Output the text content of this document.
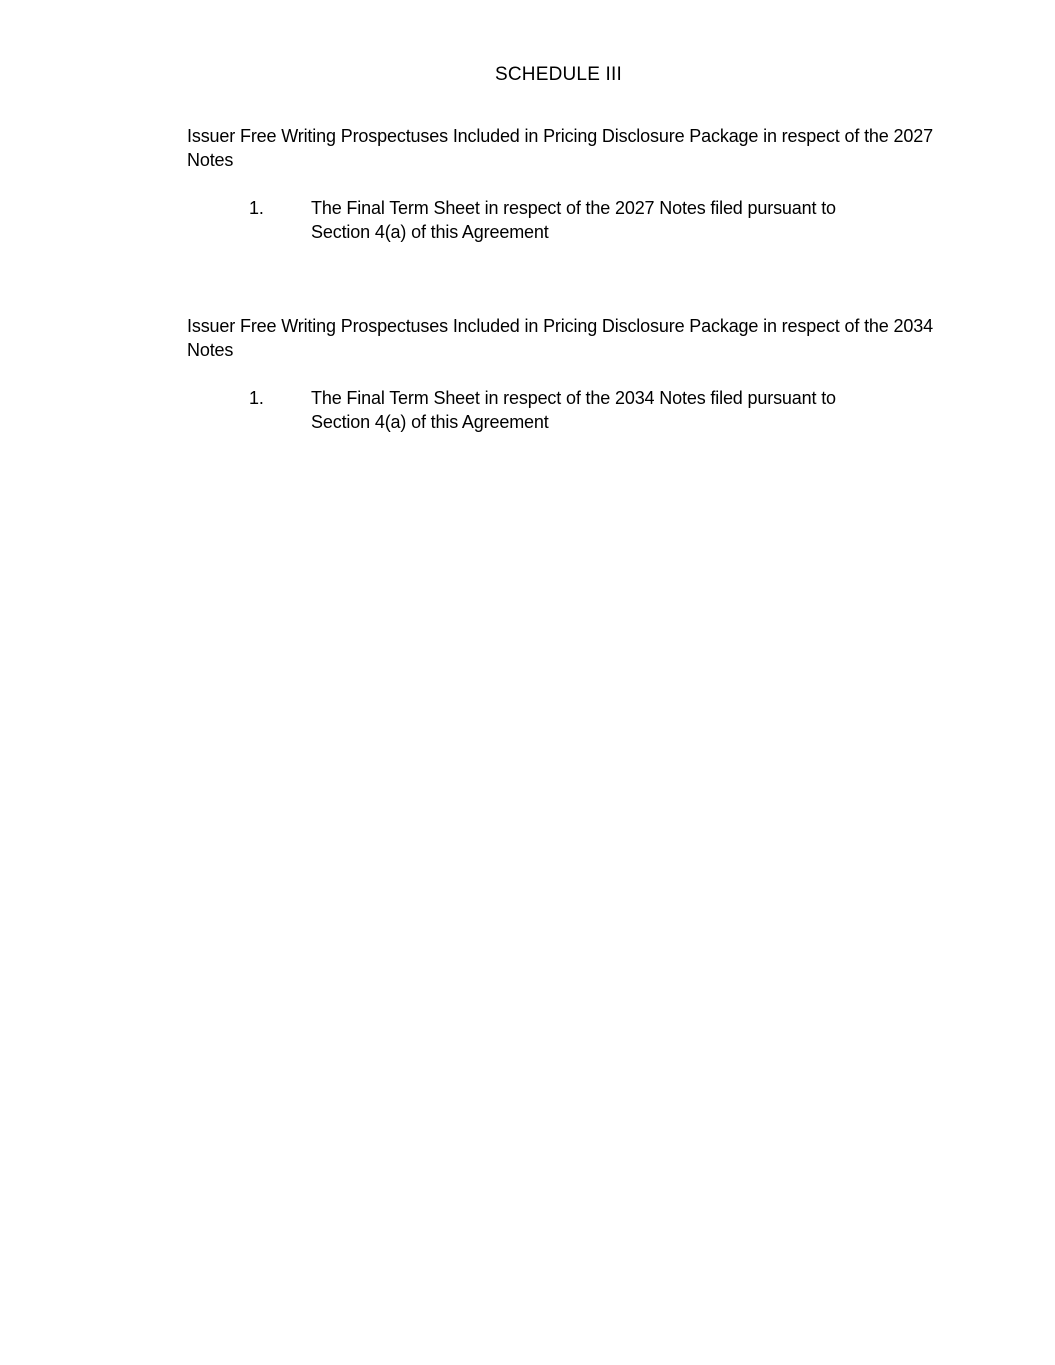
SCHEDULE III

Issuer Free Writing Prospectuses Included in Pricing Disclosure Package in respect of the 2027 Notes

1.	The Final Term Sheet in respect of the 2027 Notes filed pursuant to Section 4(a) of this Agreement

Issuer Free Writing Prospectuses Included in Pricing Disclosure Package in respect of the 2034 Notes

1.	The Final Term Sheet in respect of the 2034 Notes filed pursuant to Section 4(a) of this Agreement
